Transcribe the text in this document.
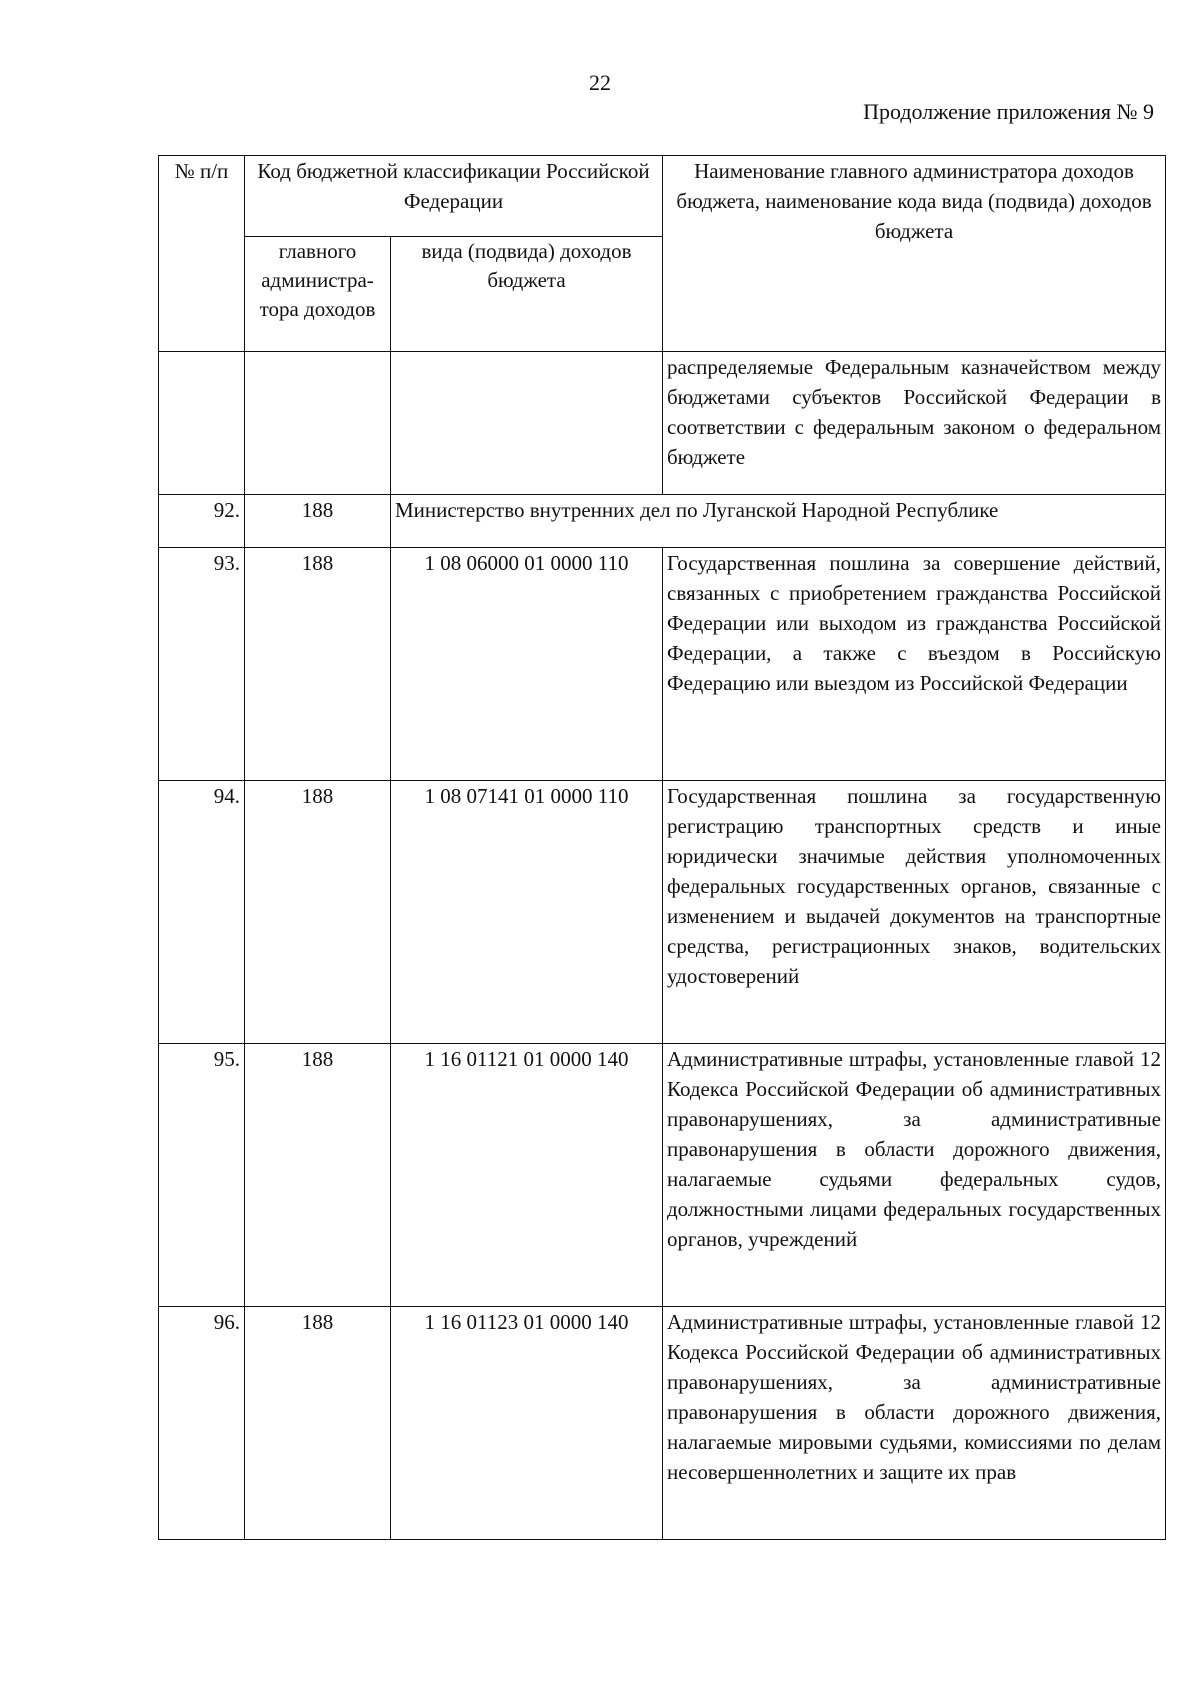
22
Продолжение приложения № 9
№ п/п	Код бюджетной классификации Российской Федерации		Наименование главного администратора доходов бюджета, наименование кода вида (подвида) доходов бюджета
	главного администра-тора доходов	вида (подвида) доходов бюджета	
			распределяемые Федеральным казначейством между бюджетами субъектов Российской Федерации в соответствии с федеральным законом о федеральном бюджете
92.	188	Министерство внутренних дел по Луганской Народной Республике	
93.	188	1 08 06000 01 0000 110	Государственная пошлина за совершение действий, связанных с приобретением гражданства Российской Федерации или выходом из гражданства Российской Федерации, а также с въездом в Российскую Федерацию или выездом из Российской Федерации
94.	188	1 08 07141 01 0000 110	Государственная пошлина за государственную регистрацию транспортных средств и иные юридически значимые действия уполномоченных федеральных государственных органов, связанные с изменением и выдачей документов на транспортные средства, регистрационных знаков, водительских удостоверений
95.	188	1 16 01121 01 0000 140	Административные штрафы, установленные главой 12 Кодекса Российской Федерации об административных правонарушениях, за административные правонарушения в области дорожного движения, налагаемые судьями федеральных судов, должностными лицами федеральных государственных органов, учреждений
96.	188	1 16 01123 01 0000 140	Административные штрафы, установленные главой 12 Кодекса Российской Федерации об административных правонарушениях, за административные правонарушения в области дорожного движения, налагаемые мировыми судьями, комиссиями по делам несовершеннолетних и защите их прав
